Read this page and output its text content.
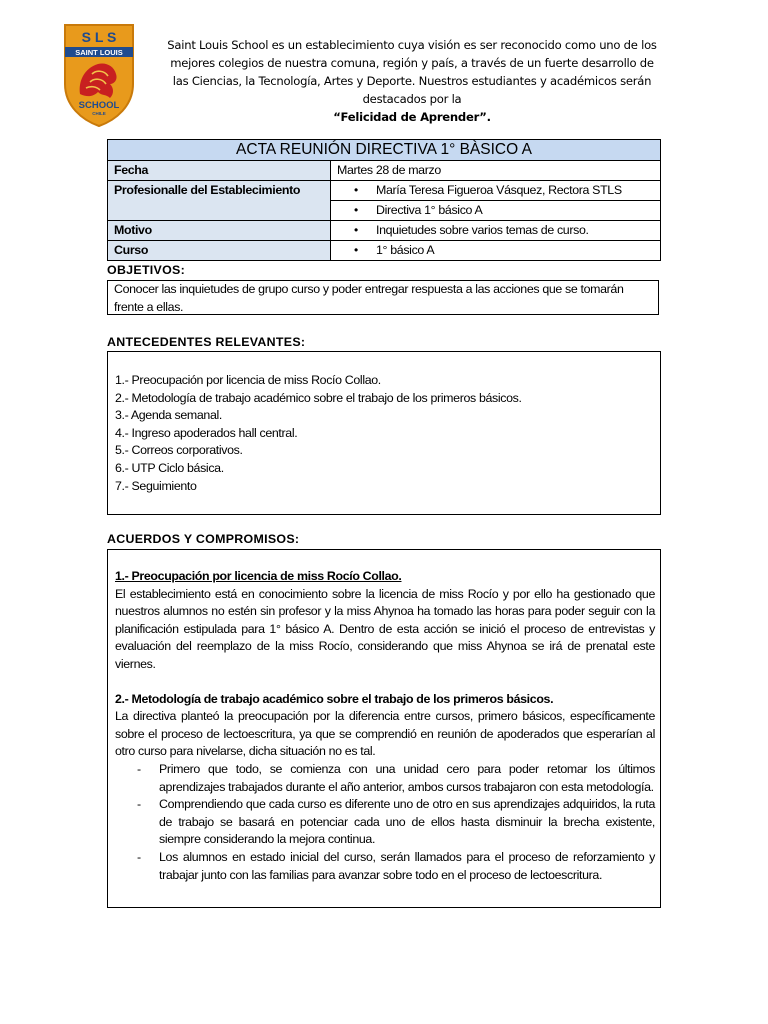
S L S
SAINT LOUIS
SCHOOL
CHILE
Saint Louis School es un establecimiento cuya visión es ser reconocido como uno de los
mejores colegios de nuestra comuna, región y país, a través de un fuerte desarrollo de
las Ciencias, la Tecnología, Artes y Deporte. Nuestros estudiantes y académicos serán
destacados por la
“Felicidad de Aprender”.
ACTA REUNIÓN DIRECTIVA 1° BÀSICO A	
Fecha	Martes 28 de marzo
Profesionalle del Establecimiento	• María Teresa Figueroa Vásquez, Rectora STLS

	• Directiva 1° básico A

Motivo	• Inquietudes sobre varios temas de curso.

Curso	• 1° básico A
OBJETIVOS:
Conocer las inquietudes de grupo curso y poder entregar respuesta a las acciones que se tomarán frente a ellas.
ANTECEDENTES RELEVANTES:
1.- Preocupación por licencia de miss Rocío Collao.
2.- Metodología de trabajo académico sobre el trabajo de los primeros básicos.
3.- Agenda semanal.
4.- Ingreso apoderados hall central.
5.- Correos corporativos.
6.- UTP Ciclo básica.
7.- Seguimiento
ACUERDOS Y COMPROMISOS:

1.- Preocupación por licencia de miss Rocío Collao.

El establecimiento está en conocimiento sobre la licencia de miss Rocío y por ello ha gestionado que nuestros alumnos no estén sin profesor y la miss Ahynoa ha tomado las horas para poder seguir con la planificación estipulada para 1° básico A. Dentro de esta acción se inició el proceso de entrevistas y evaluación del reemplazo de la miss Rocío, considerando que miss Ahynoa se irá de prenatal este viernes.

2.- Metodología de trabajo académico sobre el trabajo de los primeros básicos.

La directiva planteó la preocupación por la diferencia entre cursos, primero básicos, específicamente sobre el proceso de lectoescritura, ya que se comprendió en reunión de apoderados que esperarían al otro curso para nivelarse, dicha situación no es tal.

- Primero que todo, se comienza con una unidad cero para poder retomar los últimos aprendizajes trabajados durante el año anterior, ambos cursos trabajaron con esta metodología.

- Comprendiendo que cada curso es diferente uno de otro en sus aprendizajes adquiridos, la ruta de trabajo se basará en potenciar cada uno de ellos hasta disminuir la brecha existente, siempre considerando la mejora continua.

- Los alumnos en estado inicial del curso, serán llamados para el proceso de reforzamiento y trabajar junto con las familias para avanzar sobre todo en el proceso de lectoescritura.
